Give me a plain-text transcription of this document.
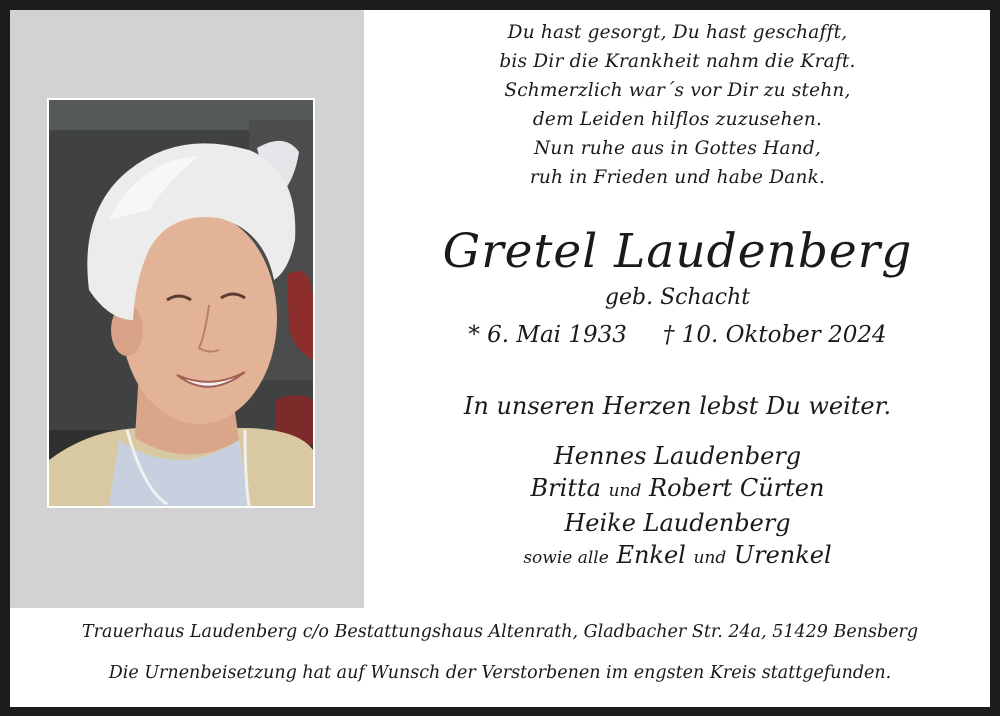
Du hast gesorgt, Du hast geschafft,
bis Dir die Krankheit nahm die Kraft.
Schmerzlich war´s vor Dir zu stehn,
dem Leiden hilflos zuzusehen.
Nun ruhe aus in Gottes Hand,
ruh in Frieden und habe Dank.
Gretel Laudenberg
geb. Schacht
* 6. Mai 1933 † 10. Oktober 2024
In unseren Herzen lebst Du weiter.
Hennes Laudenberg
Britta und Robert Cürten
Heike Laudenberg
sowie alle Enkel und Urenkel
Trauerhaus Laudenberg c/o Bestattungshaus Altenrath, Gladbacher Str. 24a, 51429 Bensberg
Die Urnenbeisetzung hat auf Wunsch der Verstorbenen im engsten Kreis stattgefunden.
